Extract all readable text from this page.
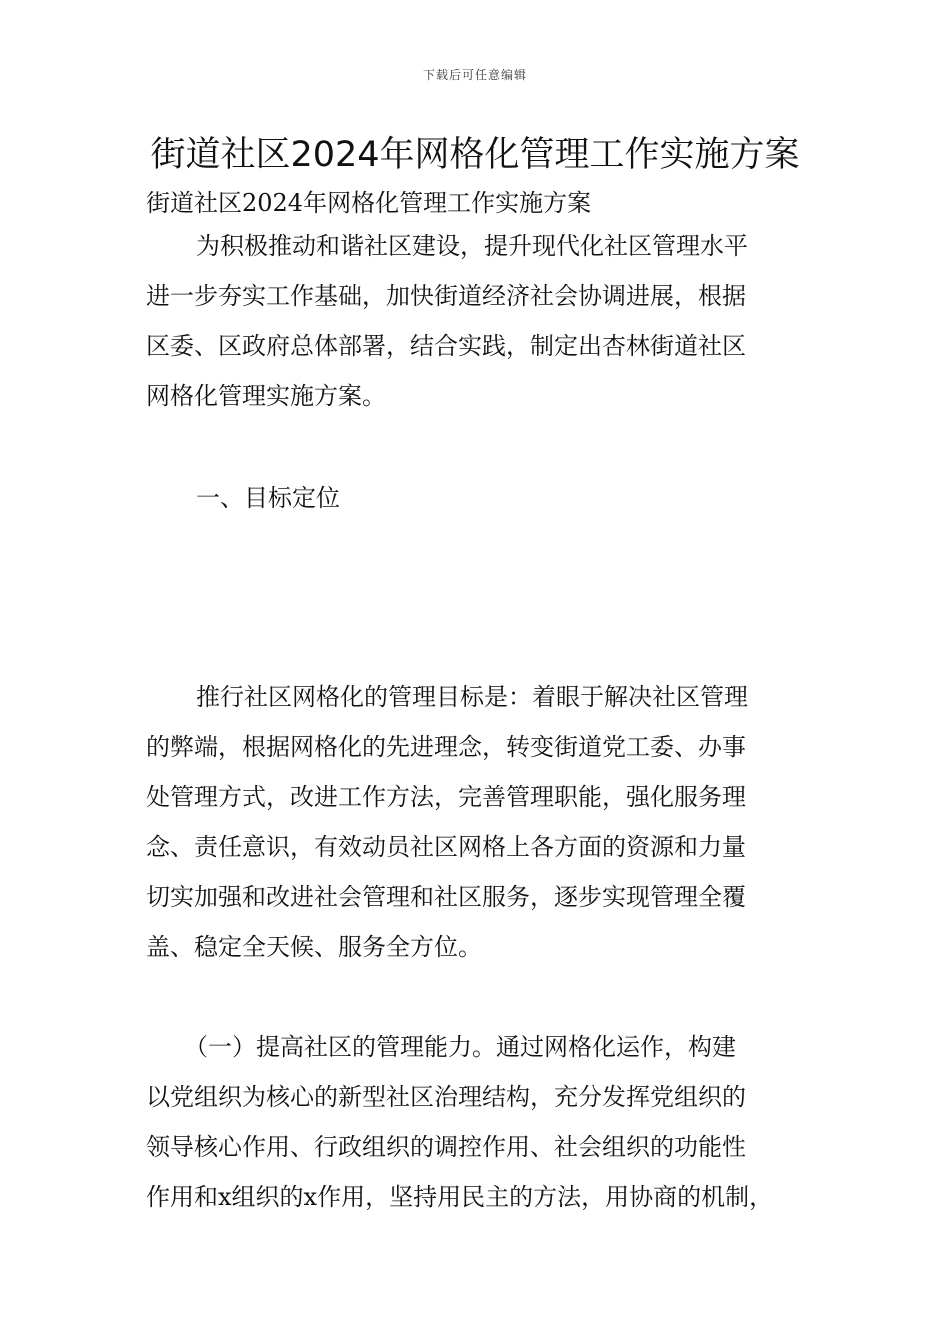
下载后可任意编辑
街道社区2024年网格化管理工作实施方案
街道社区2024年网格化管理工作实施方案
为积极推动和谐社区建设，提升现代化社区管理水平
进一步夯实工作基础，加快街道经济社会协调进展，根据
区委、区政府总体部署，结合实践，制定出杏林街道社区
网格化管理实施方案。
一、目标定位
推行社区网格化的管理目标是：着眼于解决社区管理
的弊端，根据网格化的先进理念，转变街道党工委、办事
处管理方式，改进工作方法，完善管理职能，强化服务理
念、责任意识，有效动员社区网格上各方面的资源和力量
切实加强和改进社会管理和社区服务，逐步实现管理全覆
盖、稳定全天候、服务全方位。
（一）提高社区的管理能力。通过网格化运作，构建
以党组织为核心的新型社区治理结构，充分发挥党组织的
领导核心作用、行政组织的调控作用、社会组织的功能性
作用和x组织的x作用，坚持用民主的方法，用协商的机制，
